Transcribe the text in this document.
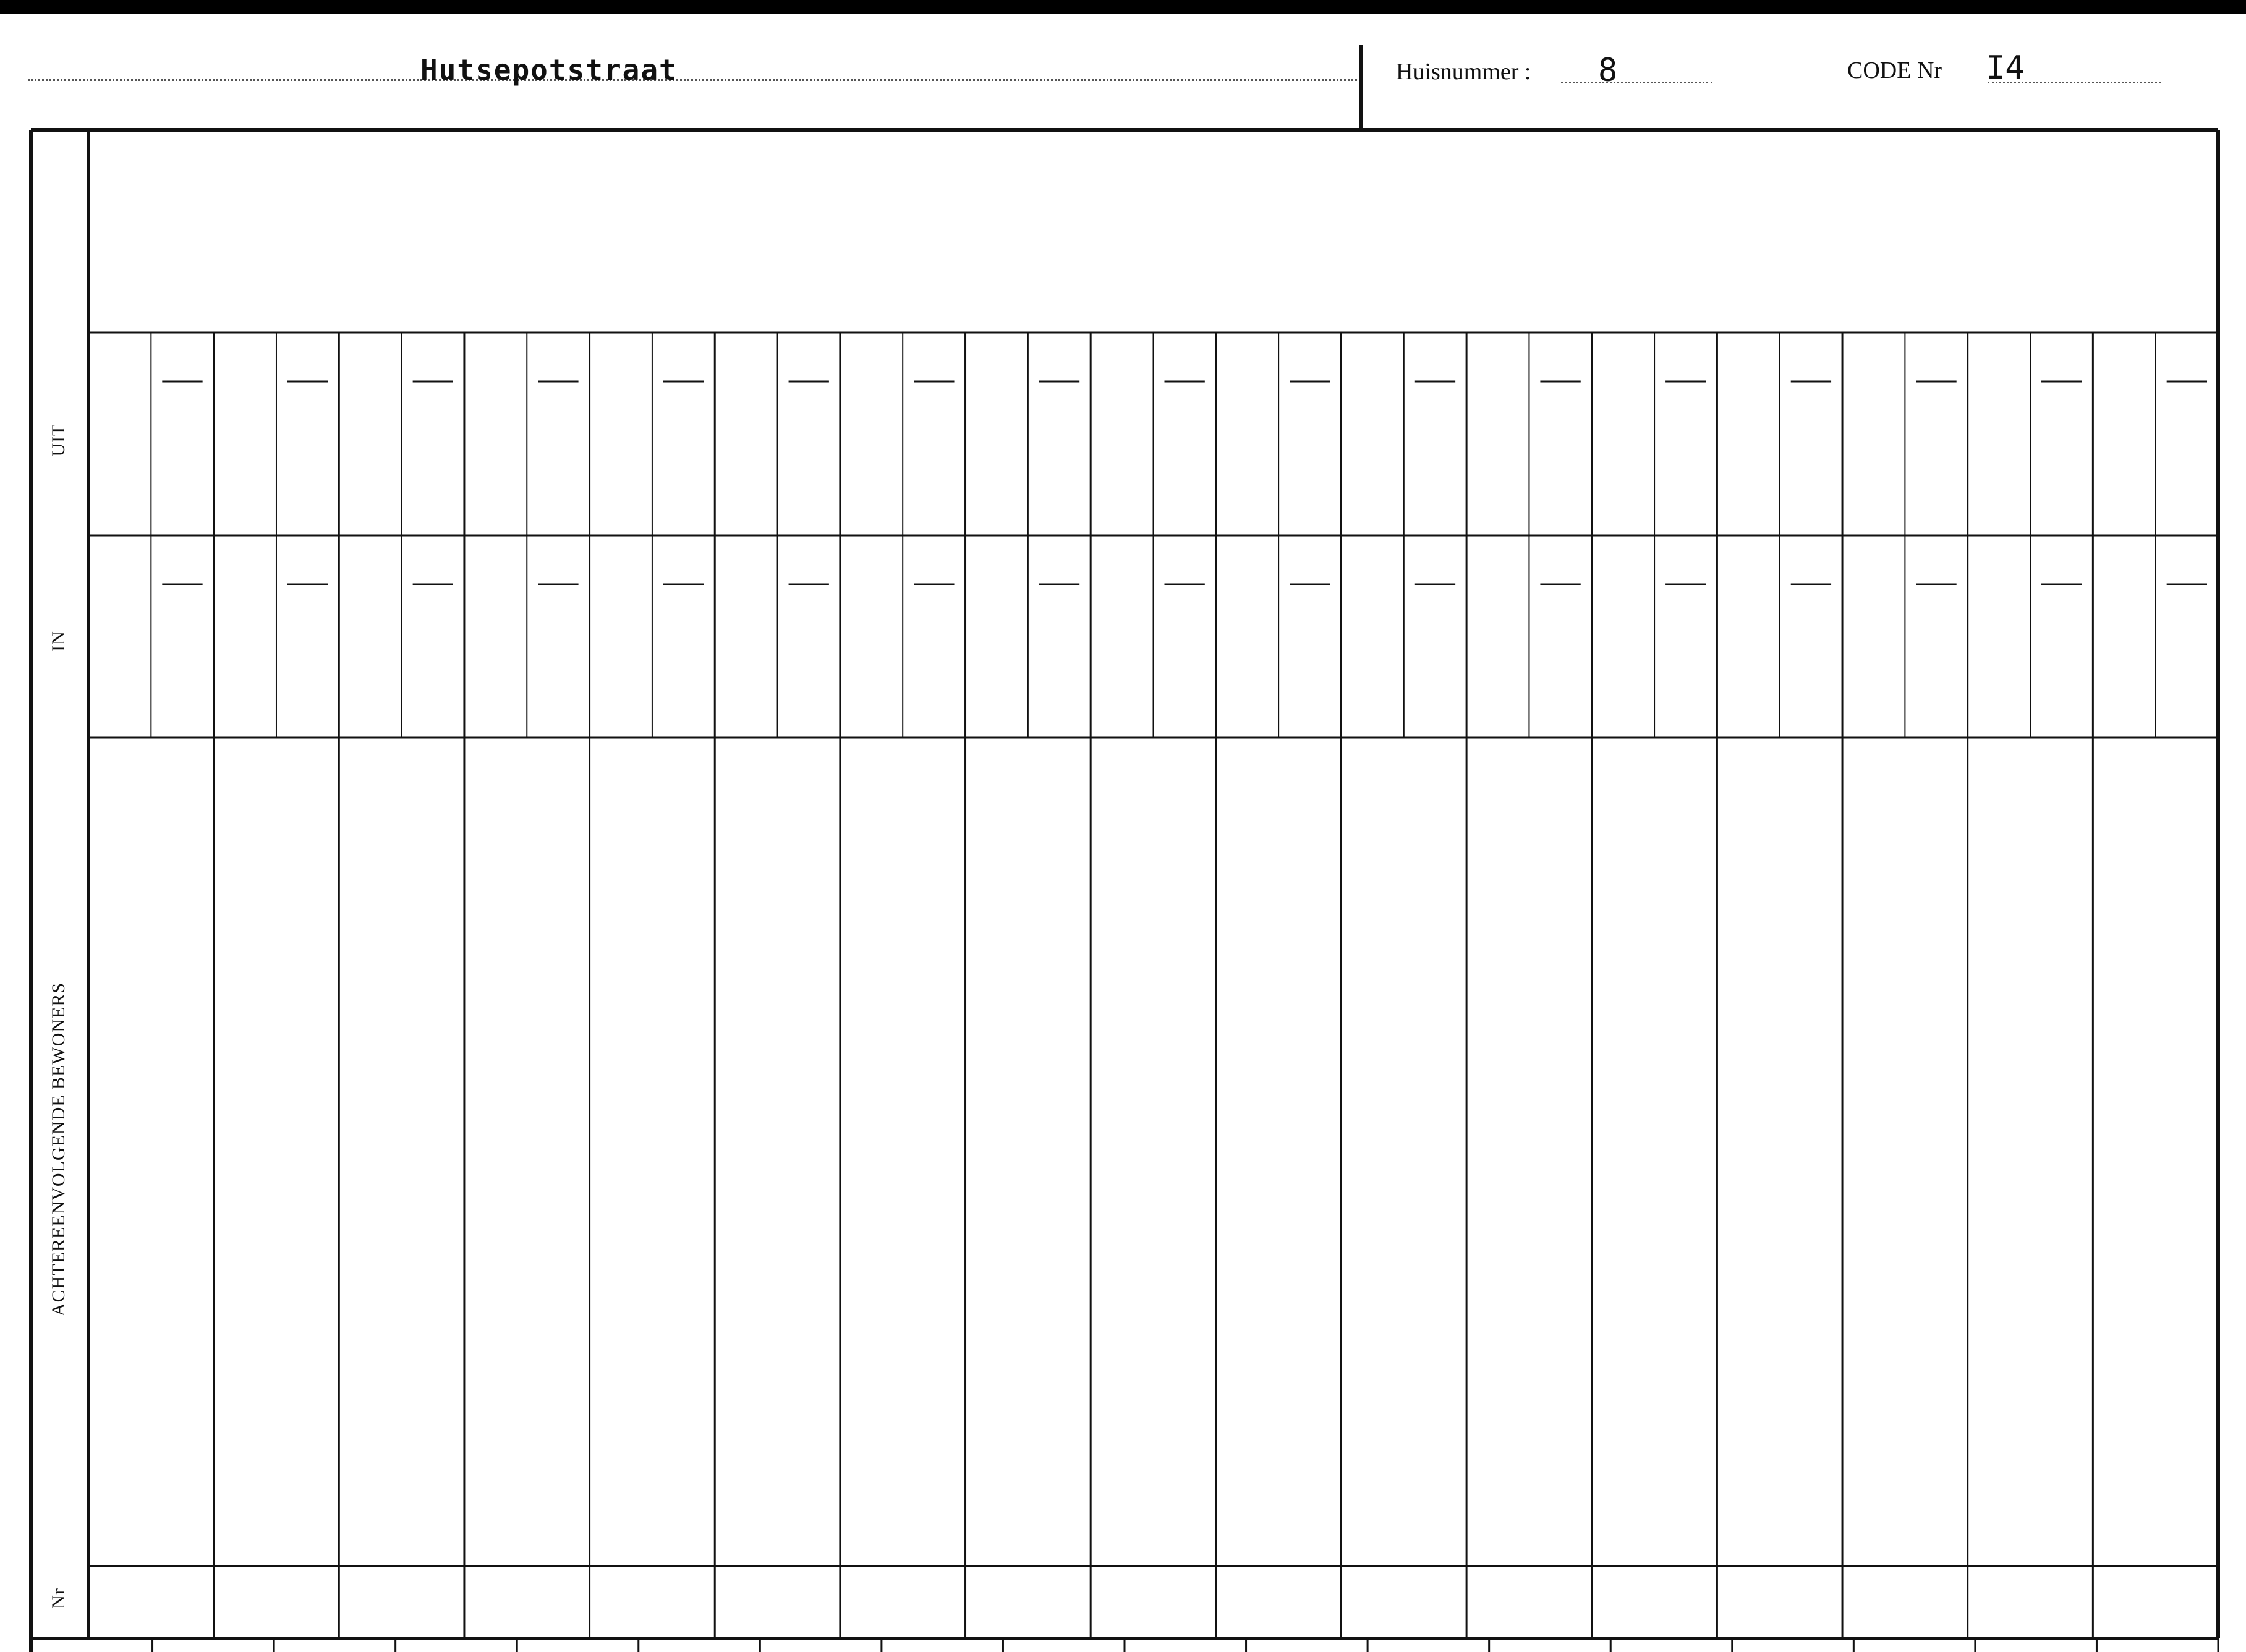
Hutsepotstraat	Huisnummer : 8	CODE Nr I4
UIT
IN
ACHTEREENVOLGENDE BEWONERS
Nr
